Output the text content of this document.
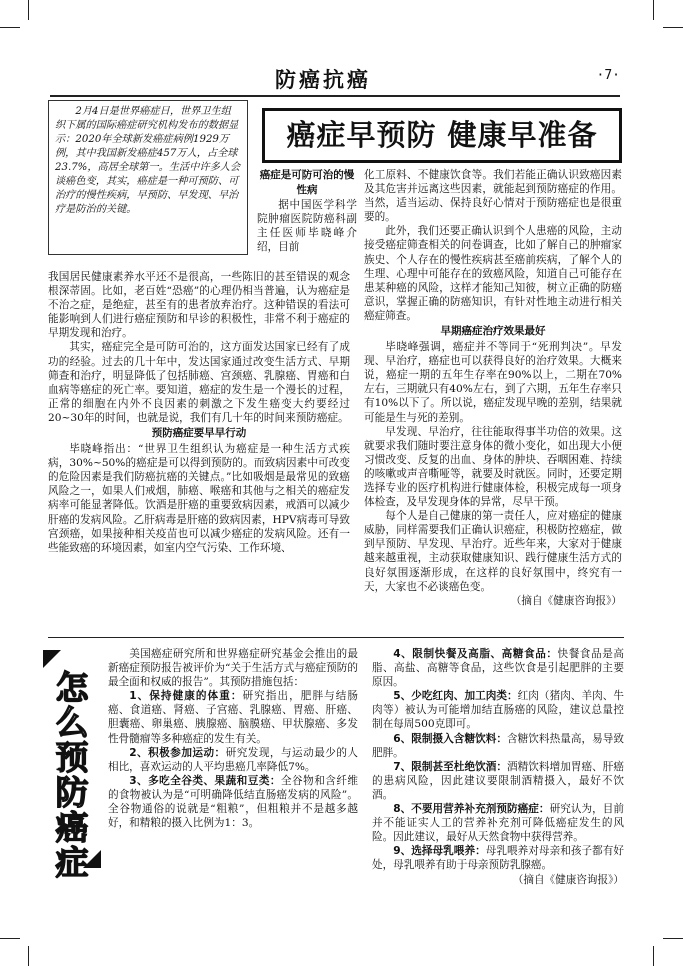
防癌抗癌	·7·
2月4日是世界癌症日，世界卫生组织下属的国际癌症研究机构发布的数据显示：2020年全球新发癌症病例1929万例，其中我国新发癌症457万人，占全球23.7%，高居全球第一。生活中许多人会谈癌色变，其实，癌症是一种可预防、可治疗的慢性疾病，早预防、早发现、早治疗是防治的关键。
癌症早预防 健康早准备
癌症是可防可治的慢性病
据中国医学科学院肿瘤医院防癌科副主任医师毕晓峰介绍，目前

我国居民健康素养水平还不是很高，一些陈旧的甚至错误的观念根深蒂固。比如，老百姓“恐癌”的心理仍相当普遍，认为癌症是不治之症，是绝症，甚至有的患者放弃治疗。这种错误的看法可能影响到人们进行癌症预防和早诊的积极性，非常不利于癌症的早期发现和治疗。

其实，癌症完全是可防可治的，这方面发达国家已经有了成功的经验。过去的几十年中，发达国家通过改变生活方式、早期筛查和治疗，明显降低了包括肺癌、宫颈癌、乳腺癌、胃癌和白血病等癌症的死亡率。要知道，癌症的发生是一个漫长的过程，正常的细胞在内外不良因素的刺激之下发生癌变大约要经过20~30年的时间，也就是说，我们有几十年的时间来预防癌症。

预防癌症要早早行动

毕晓峰指出：“世界卫生组织认为癌症是一种生活方式疾病，30%~50%的癌症是可以得到预防的。而致病因素中可改变的危险因素是我们防癌抗癌的关键点。”比如吸烟是最常见的致癌风险之一，如果人们戒烟，肺癌、喉癌和其他与之相关的癌症发病率可能显著降低。饮酒是肝癌的重要致病因素，戒酒可以减少肝癌的发病风险。乙肝病毒是肝癌的致病因素，HPV病毒可导致宫颈癌，如果接种相关疫苗也可以减少癌症的发病风险。还有一些能致癌的环境因素，如室内空气污染、工作环境、

化工原料、不健康饮食等。我们若能正确认识致癌因素及其危害并远离这些因素，就能起到预防癌症的作用。当然，适当运动、保持良好心情对于预防癌症也是很重要的。

此外，我们还要正确认识到个人患癌的风险，主动接受癌症筛查相关的问卷调查，比如了解自己的肿瘤家族史、个人存在的慢性疾病甚至癌前疾病，了解个人的生理、心理中可能存在的致癌风险，知道自己可能存在患某种癌的风险，这样才能知己知彼，树立正确的防癌意识，掌握正确的防癌知识，有针对性地主动进行相关癌症筛查。

早期癌症治疗效果最好

毕晓峰强调，癌症并不等同于“死刑判决”。早发现、早治疗，癌症也可以获得良好的治疗效果。大概来说，癌症一期的五年生存率在90%以上，二期在70%左右，三期就只有40%左右，到了六期，五年生存率只有10%以下了。所以说，癌症发现早晚的差别，结果就可能是生与死的差别。

早发现、早治疗，往往能取得事半功倍的效果。这就要求我们随时要注意身体的微小变化，如出现大小便习惯改变、反复的出血、身体的肿块、吞咽困难、持续的咳嗽或声音嘶哑等，就要及时就医。同时，还要定期选择专业的医疗机构进行健康体检，积极完成每一项身体检查，及早发现身体的异常，尽早干预。

每个人是自己健康的第一责任人，应对癌症的健康威胁，同样需要我们正确认识癌症，积极防控癌症，做到早预防、早发现、早治疗。近些年来，大家对于健康越来越重视，主动获取健康知识、践行健康生活方式的良好氛围逐渐形成，在这样的良好氛围中，终究有一天，大家也不必谈癌色变。

（摘自《健康咨询报》）

怎
么
预
防
癌
症

美国癌症研究所和世界癌症研究基金会推出的最新癌症预防报告被评价为“关于生活方式与癌症预防的最全面和权威的报告”。其预防措施包括：

1、保持健康的体重：研究指出，肥胖与结肠癌、食道癌、肾癌、子宫癌、乳腺癌、胃癌、肝癌、胆囊癌、卵巢癌、胰腺癌、脑膜癌、甲状腺癌、多发性骨髓瘤等多种癌症的发生有关。

2、积极参加运动：研究发现，与运动最少的人相比，喜欢运动的人平均患癌几率降低7%。

3、多吃全谷类、果蔬和豆类：全谷物和含纤维的食物被认为是“可明确降低结直肠癌发病的风险”。全谷物通俗的说就是“粗粮”，但粗粮并不是越多越好，和精粮的摄入比例为1：3。

4、限制快餐及高脂、高糖食品：快餐食品是高脂、高盐、高糖等食品，这些饮食是引起肥胖的主要原因。

5、少吃红肉、加工肉类：红肉（猪肉、羊肉、牛肉等）被认为可能增加结直肠癌的风险，建议总量控制在每周500克即可。

6、限制摄入含糖饮料：含糖饮料热量高，易导致肥胖。

7、限制甚至杜绝饮酒：酒精饮料增加胃癌、肝癌的患病风险，因此建议要限制酒精摄入，最好不饮酒。

8、不要用营养补充剂预防癌症：研究认为，目前并不能证实人工的营养补充剂可降低癌症发生的风险。因此建议，最好从天然食物中获得营养。

9、选择母乳喂养：母乳喂养对母亲和孩子都有好处，母乳喂养有助于母亲预防乳腺癌。

（摘自《健康咨询报》）
